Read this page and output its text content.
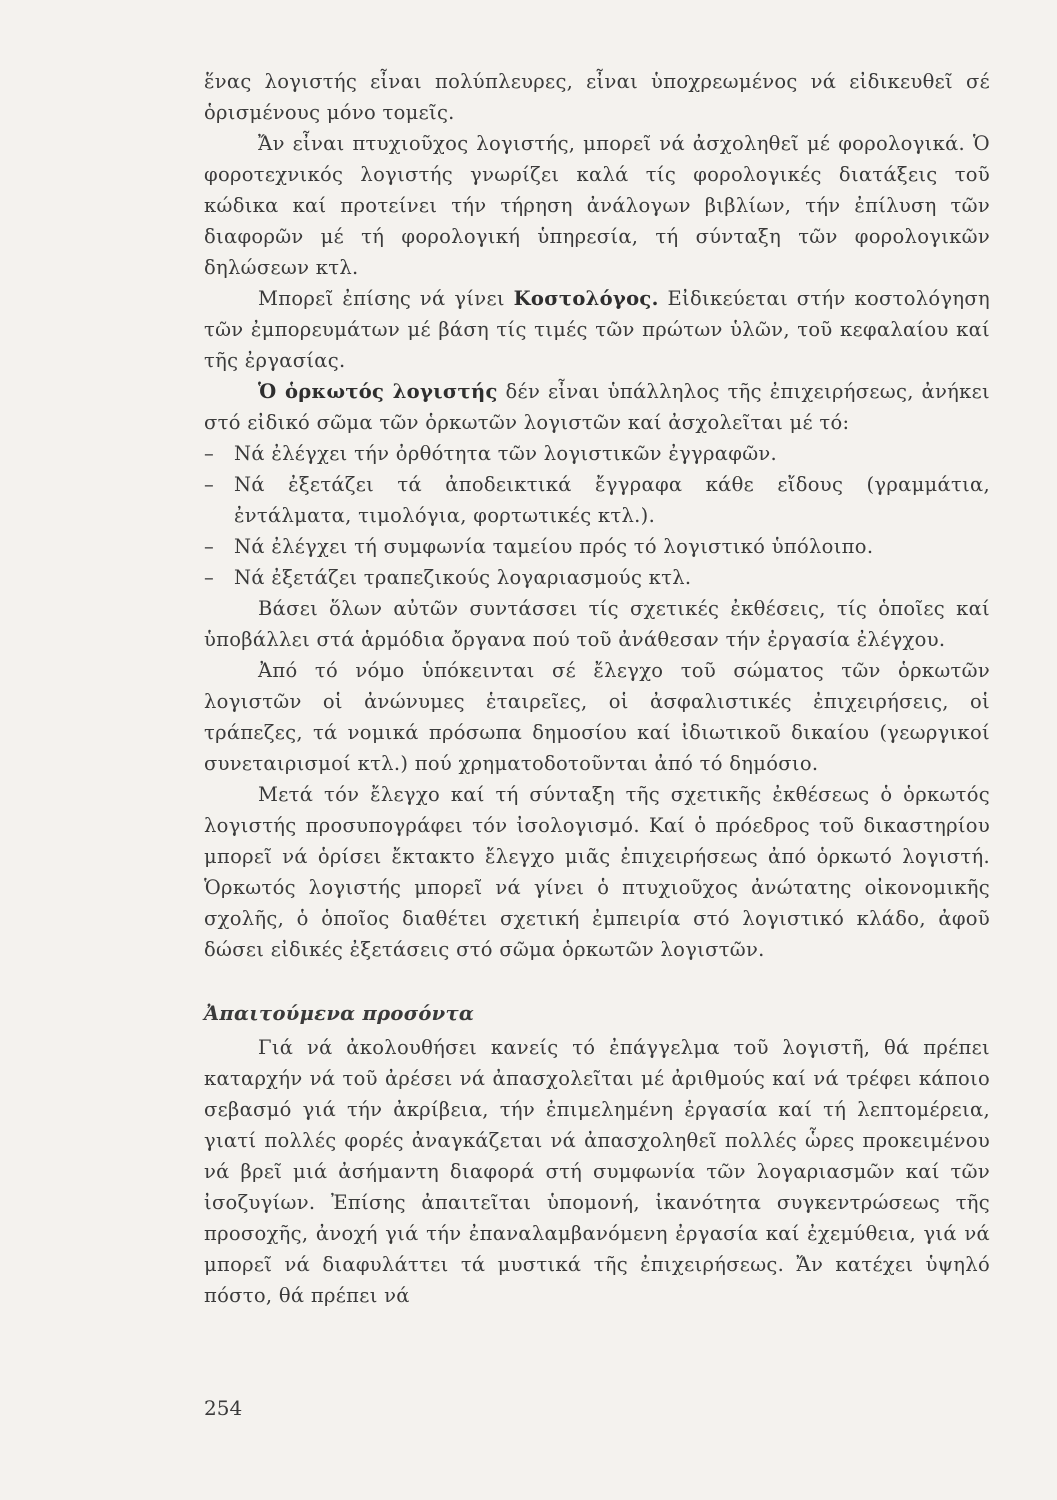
ἕνας λογιστής εἶναι πολύπλευρες, εἶναι ὑποχρεωμένος νά εἰδικευθεῖ σέ ὁρισμένους μόνο τομεῖς.

Ἄν εἶναι πτυχιοῦχος λογιστής, μπορεῖ νά ἀσχοληθεῖ μέ φορολογικά. Ὁ φοροτεχνικός λογιστής γνωρίζει καλά τίς φορολογικές διατάξεις τοῦ κώδικα καί προτείνει τήν τήρηση ἀνάλογων βιβλίων, τήν ἐπίλυση τῶν διαφορῶν μέ τή φορολογική ὑπηρεσία, τή σύνταξη τῶν φορολογικῶν δηλώσεων κτλ.

Μπορεῖ ἐπίσης νά γίνει Κοστολόγος. Εἰδικεύεται στήν κοστολόγηση τῶν ἐμπορευμάτων μέ βάση τίς τιμές τῶν πρώτων ὑλῶν, τοῦ κεφαλαίου καί τῆς ἐργασίας.

Ὁ ὁρκωτός λογιστής δέν εἶναι ὑπάλληλος τῆς ἐπιχειρήσεως, ἀνήκει στό εἰδικό σῶμα τῶν ὁρκωτῶν λογιστῶν καί ἀσχολεῖται μέ τό:

– Νά ἐλέγχει τήν ὀρθότητα τῶν λογιστικῶν ἐγγραφῶν.

– Νά ἐξετάζει τά ἀποδεικτικά ἔγγραφα κάθε εἴδους (γραμμάτια, ἐντάλματα, τιμολόγια, φορτωτικές κτλ.).

– Νά ἐλέγχει τή συμφωνία ταμείου πρός τό λογιστικό ὑπόλοιπο.

– Νά ἐξετάζει τραπεζικούς λογαριασμούς κτλ.

Βάσει ὅλων αὐτῶν συντάσσει τίς σχετικές ἐκθέσεις, τίς ὁποῖες καί ὑποβάλλει στά ἁρμόδια ὄργανα πού τοῦ ἀνάθεσαν τήν ἐργασία ἐλέγχου.

Ἀπό τό νόμο ὑπόκεινται σέ ἔλεγχο τοῦ σώματος τῶν ὁρκωτῶν λογιστῶν οἱ ἀνώνυμες ἑταιρεῖες, οἱ ἀσφαλιστικές ἐπιχειρήσεις, οἱ τράπεζες, τά νομικά πρόσωπα δημοσίου καί ἰδιωτικοῦ δικαίου (γεωργικοί συνεταιρισμοί κτλ.) πού χρηματοδοτοῦνται ἀπό τό δημόσιο.

Μετά τόν ἔλεγχο καί τή σύνταξη τῆς σχετικῆς ἐκθέσεως ὁ ὁρκωτός λογιστής προσυπογράφει τόν ἰσολογισμό. Καί ὁ πρόεδρος τοῦ δικαστηρίου μπορεῖ νά ὁρίσει ἔκτακτο ἔλεγχο μιᾶς ἐπιχειρήσεως ἀπό ὁρκωτό λογιστή. Ὁρκωτός λογιστής μπορεῖ νά γίνει ὁ πτυχιοῦχος ἀνώτατης οἰκονομικῆς σχολῆς, ὁ ὁποῖος διαθέτει σχετική ἐμπειρία στό λογιστικό κλάδο, ἀφοῦ δώσει εἰδικές ἐξετάσεις στό σῶμα ὁρκωτῶν λογιστῶν.

Ἀπαιτούμενα προσόντα

Γιά νά ἀκολουθήσει κανείς τό ἐπάγγελμα τοῦ λογιστῆ, θά πρέπει καταρχήν νά τοῦ ἀρέσει νά ἀπασχολεῖται μέ ἀριθμούς καί νά τρέφει κάποιο σεβασμό γιά τήν ἀκρίβεια, τήν ἐπιμελημένη ἐργασία καί τή λεπτομέρεια, γιατί πολλές φορές ἀναγκάζεται νά ἀπασχοληθεῖ πολλές ὧρες προκειμένου νά βρεῖ μιά ἀσήμαντη διαφορά στή συμφωνία τῶν λογαριασμῶν καί τῶν ἰσοζυγίων. Ἐπίσης ἀπαιτεῖται ὑπομονή, ἱκανότητα συγκεντρώσεως τῆς προσοχῆς, ἀνοχή γιά τήν ἐπαναλαμβανόμενη ἐργασία καί ἐχεμύθεια, γιά νά μπορεῖ νά διαφυλάττει τά μυστικά τῆς ἐπιχειρήσεως. Ἄν κατέχει ὑψηλό πόστο, θά πρέπει νά

254
